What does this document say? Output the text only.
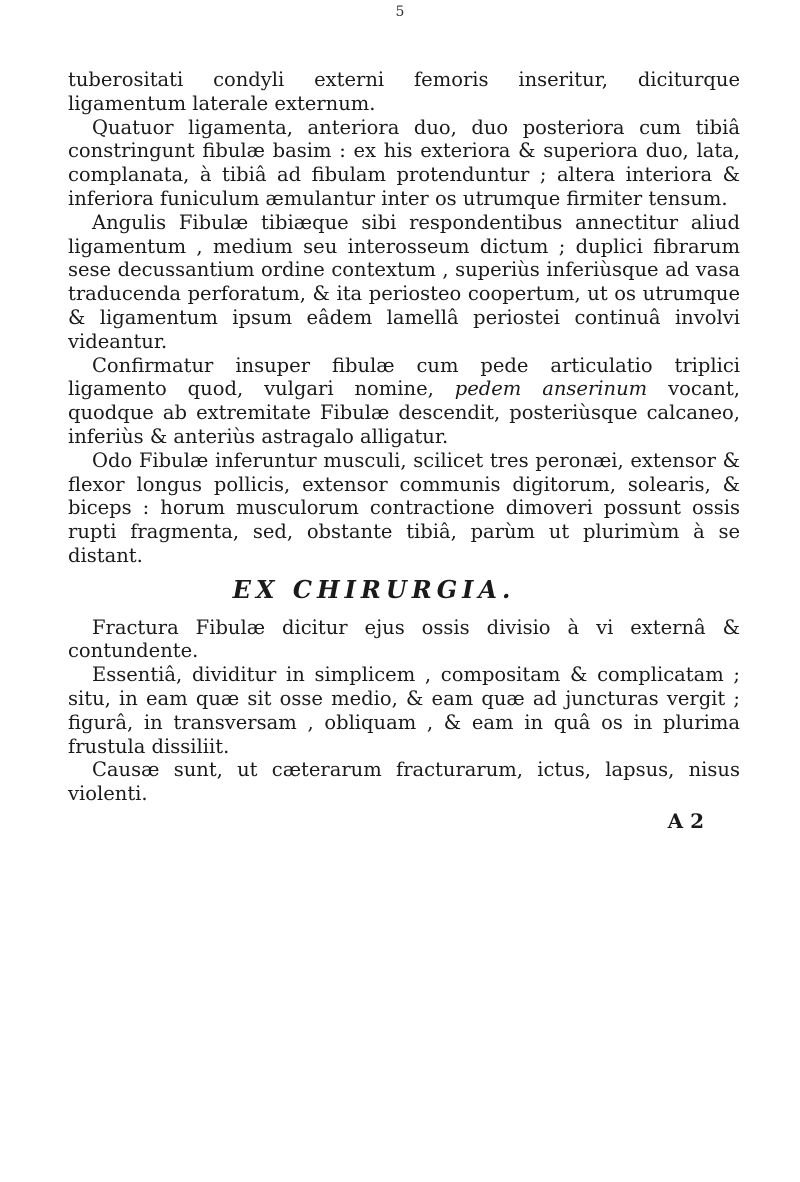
5

tuberositati condyli externi femoris inseritur, diciturque ligamentum laterale externum.

Quatuor ligamenta, anteriora duo, duo posteriora cum tibiâ constringunt fibulæ basim : ex his exteriora & superiora duo, lata, complanata, à tibiâ ad fibulam protenduntur ; altera interiora & inferiora funiculum æmulantur inter os utrumque firmiter tensum.

Angulis Fibulæ tibiæque sibi respondentibus annectitur aliud ligamentum , medium seu interosseum dictum ; duplici fibrarum sese decussantium ordine contextum , superiùs inferiùsque ad vasa traducenda perforatum, & ita periosteo coopertum, ut os utrumque & ligamentum ipsum eâdem lamellâ periostei continuâ involvi videantur.

Confirmatur insuper fibulæ cum pede articulatio triplici ligamento quod, vulgari nomine, pedem anserinum vocant, quodque ab extremitate Fibulæ descendit, posteriùsque calcaneo, inferiùs & anteriùs astragalo alligatur.

Odo Fibulæ inferuntur musculi, scilicet tres peronæi, extensor & flexor longus pollicis, extensor communis digitorum, solearis, & biceps : horum musculorum contractione dimoveri possunt ossis rupti fragmenta, sed, obstante tibiâ, parùm ut plurimùm à se distant.

EX CHIRURGIA.

Fractura Fibulæ dicitur ejus ossis divisio à vi externâ & contundente.

Essentiâ, dividitur in simplicem , compositam & complicatam ; situ, in eam quæ sit osse medio, & eam quæ ad juncturas vergit ; figurâ, in transversam , obliquam , & eam in quâ os in plurima frustula dissiliit.

Causæ sunt, ut cæterarum fracturarum, ictus, lapsus, nisus violenti.

A 2
